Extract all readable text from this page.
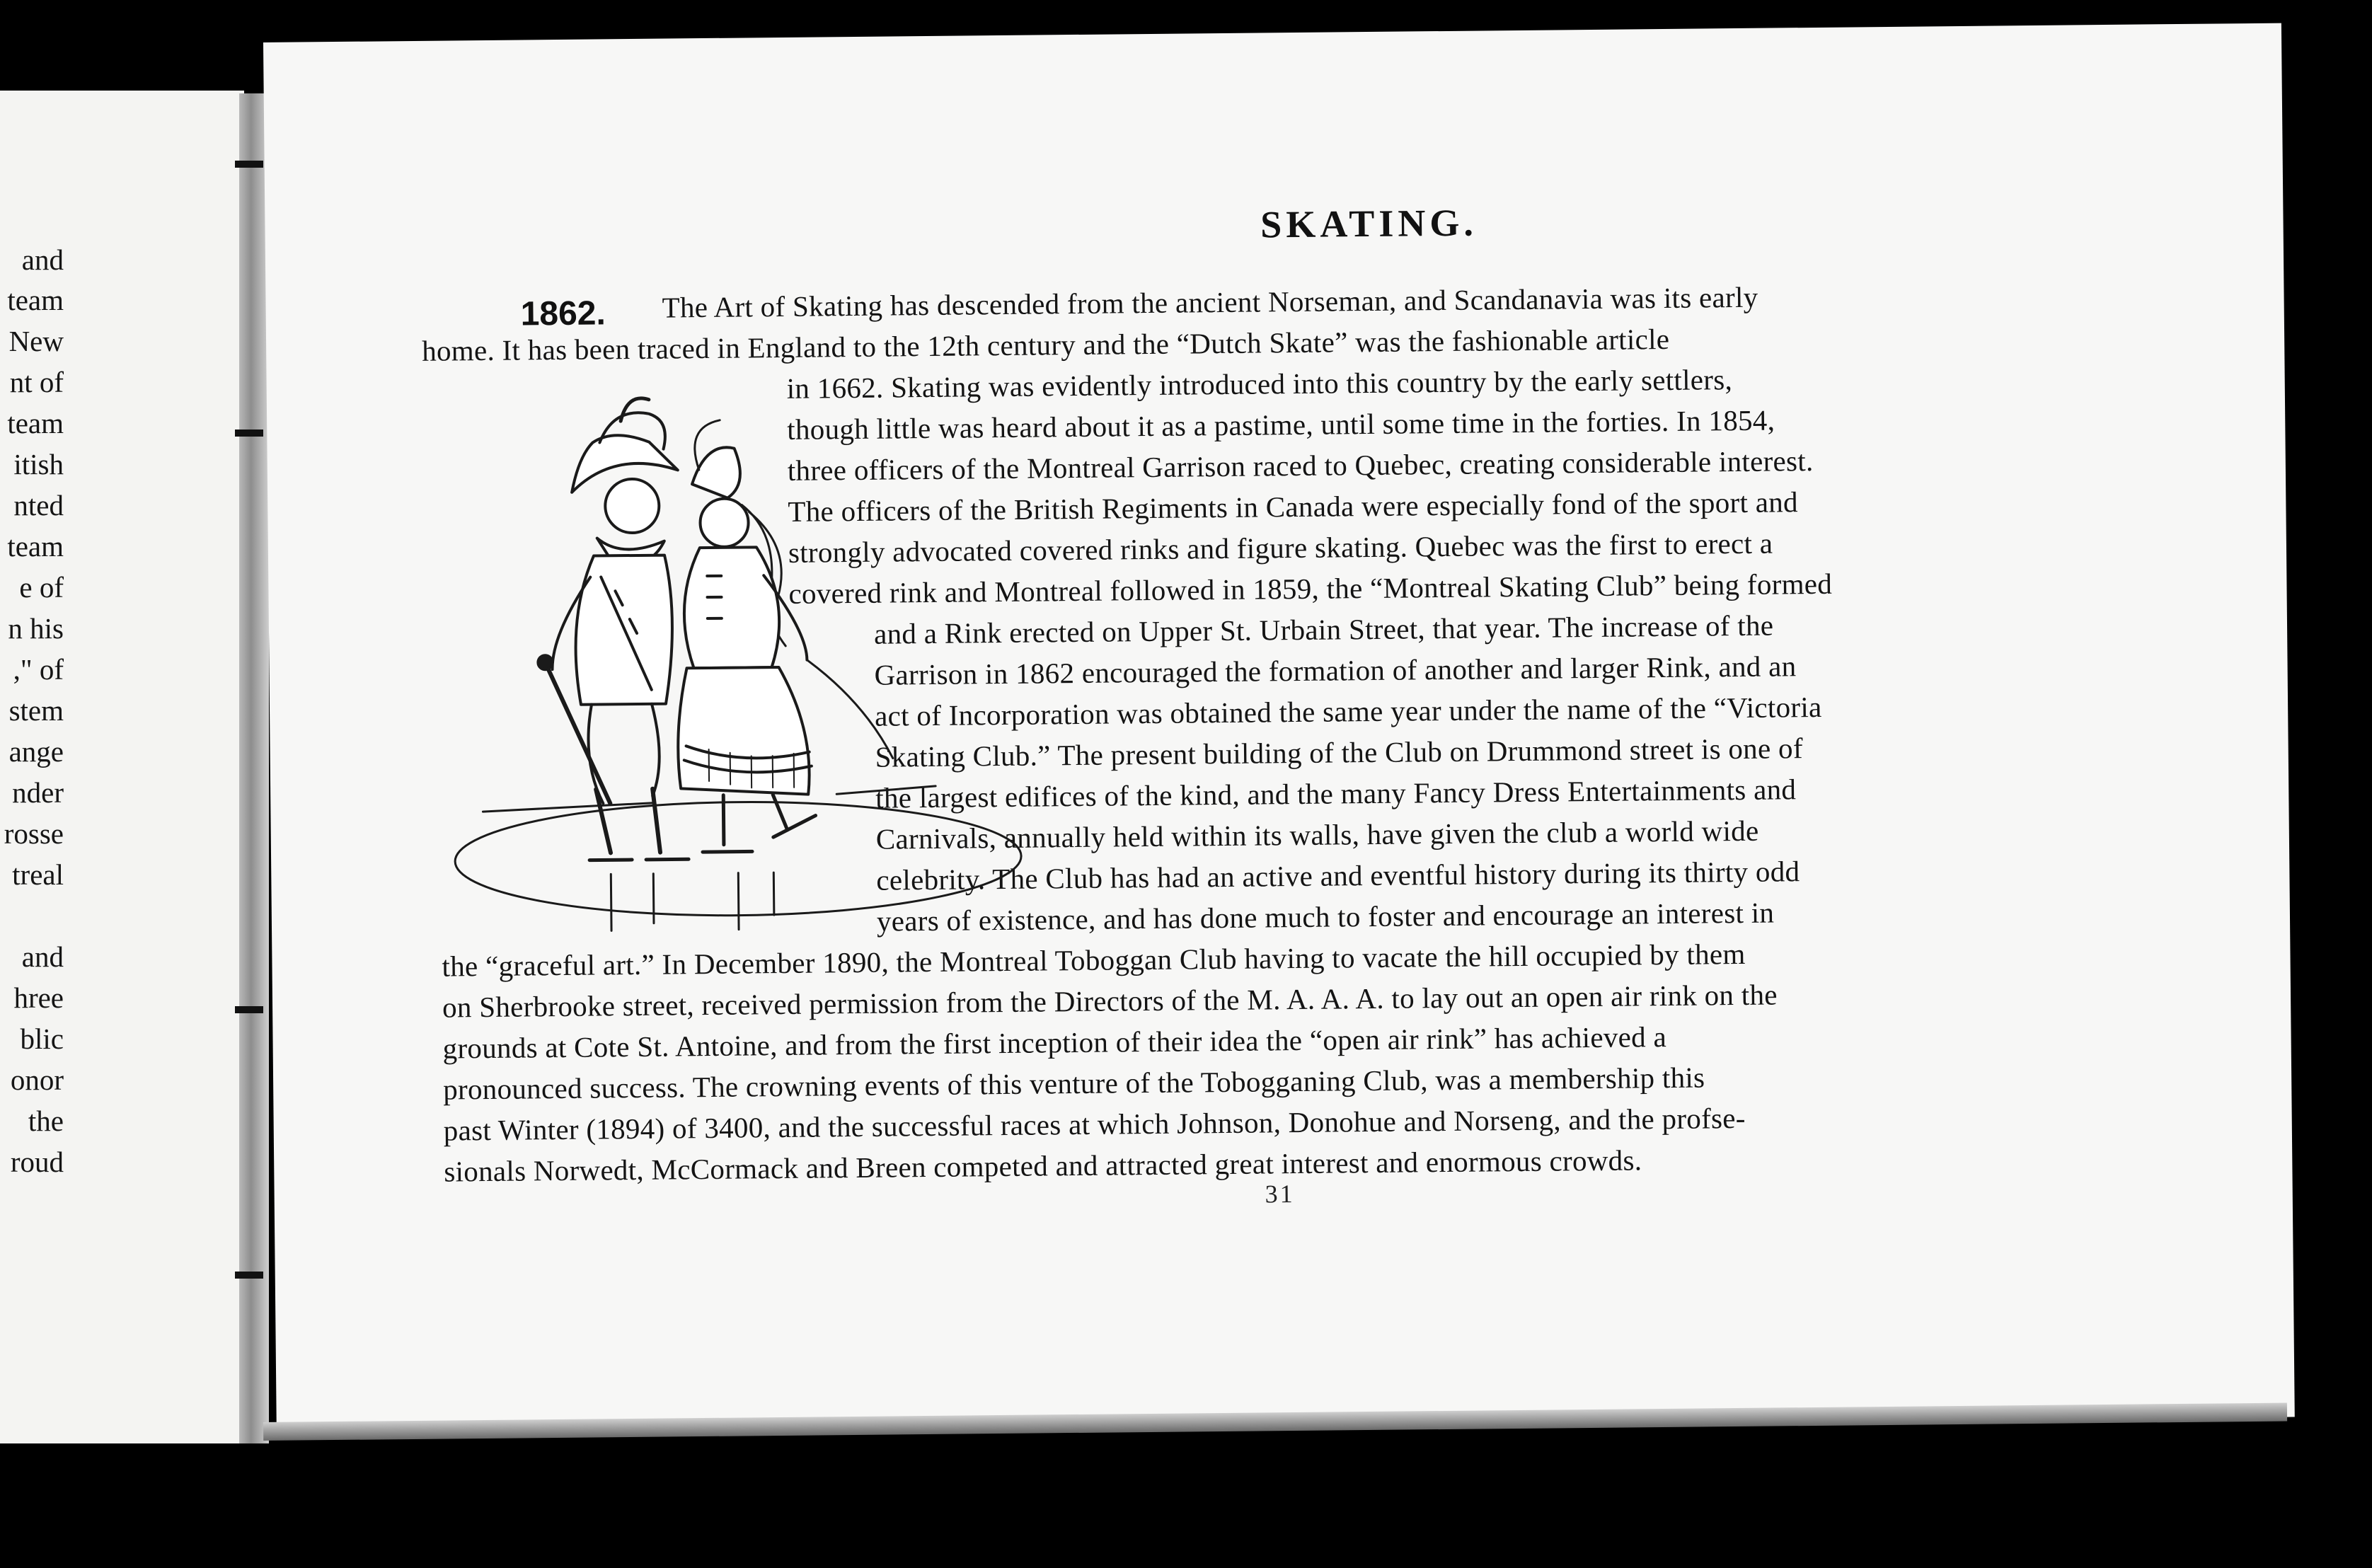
and
team
New
nt of
team
itish
nted
team
e of
n his
," of
stem
ange
nder
rosse
treal
and
hree
blic
onor
the
roud
SKATING.
1862. The Art of Skating has descended from the ancient Norseman, and Scandanavia was its early
home. It has been traced in England to the 12th century and the “Dutch Skate” was the fashionable article
in 1662. Skating was evidently introduced into this country by the early settlers,
though little was heard about it as a pastime, until some time in the forties. In 1854,
three officers of the Montreal Garrison raced to Quebec, creating considerable interest.
The officers of the British Regiments in Canada were especially fond of the sport and
strongly advocated covered rinks and figure skating. Quebec was the first to erect a
covered rink and Montreal followed in 1859, the “Montreal Skating Club” being formed
and a Rink erected on Upper St. Urbain Street, that year. The increase of the
Garrison in 1862 encouraged the formation of another and larger Rink, and an
act of Incorporation was obtained the same year under the name of the “Victoria
Skating Club.” The present building of the Club on Drummond street is one of
the largest edifices of the kind, and the many Fancy Dress Entertainments and
Carnivals, annually held within its walls, have given the club a world wide
celebrity. The Club has had an active and eventful history during its thirty odd
years of existence, and has done much to foster and encourage an interest in
the “graceful art.” In December 1890, the Montreal Toboggan Club having to vacate the hill occupied by them
on Sherbrooke street, received permission from the Directors of the M. A. A. A. to lay out an open air rink on the
grounds at Cote St. Antoine, and from the first inception of their idea the “open air rink” has achieved a
pronounced success. The crowning events of this venture of the Tobogganing Club, was a membership this
past Winter (1894) of 3400, and the successful races at which Johnson, Donohue and Norseng, and the profse-
sionals Norwedt, McCormack and Breen competed and attracted great interest and enormous crowds.
31
